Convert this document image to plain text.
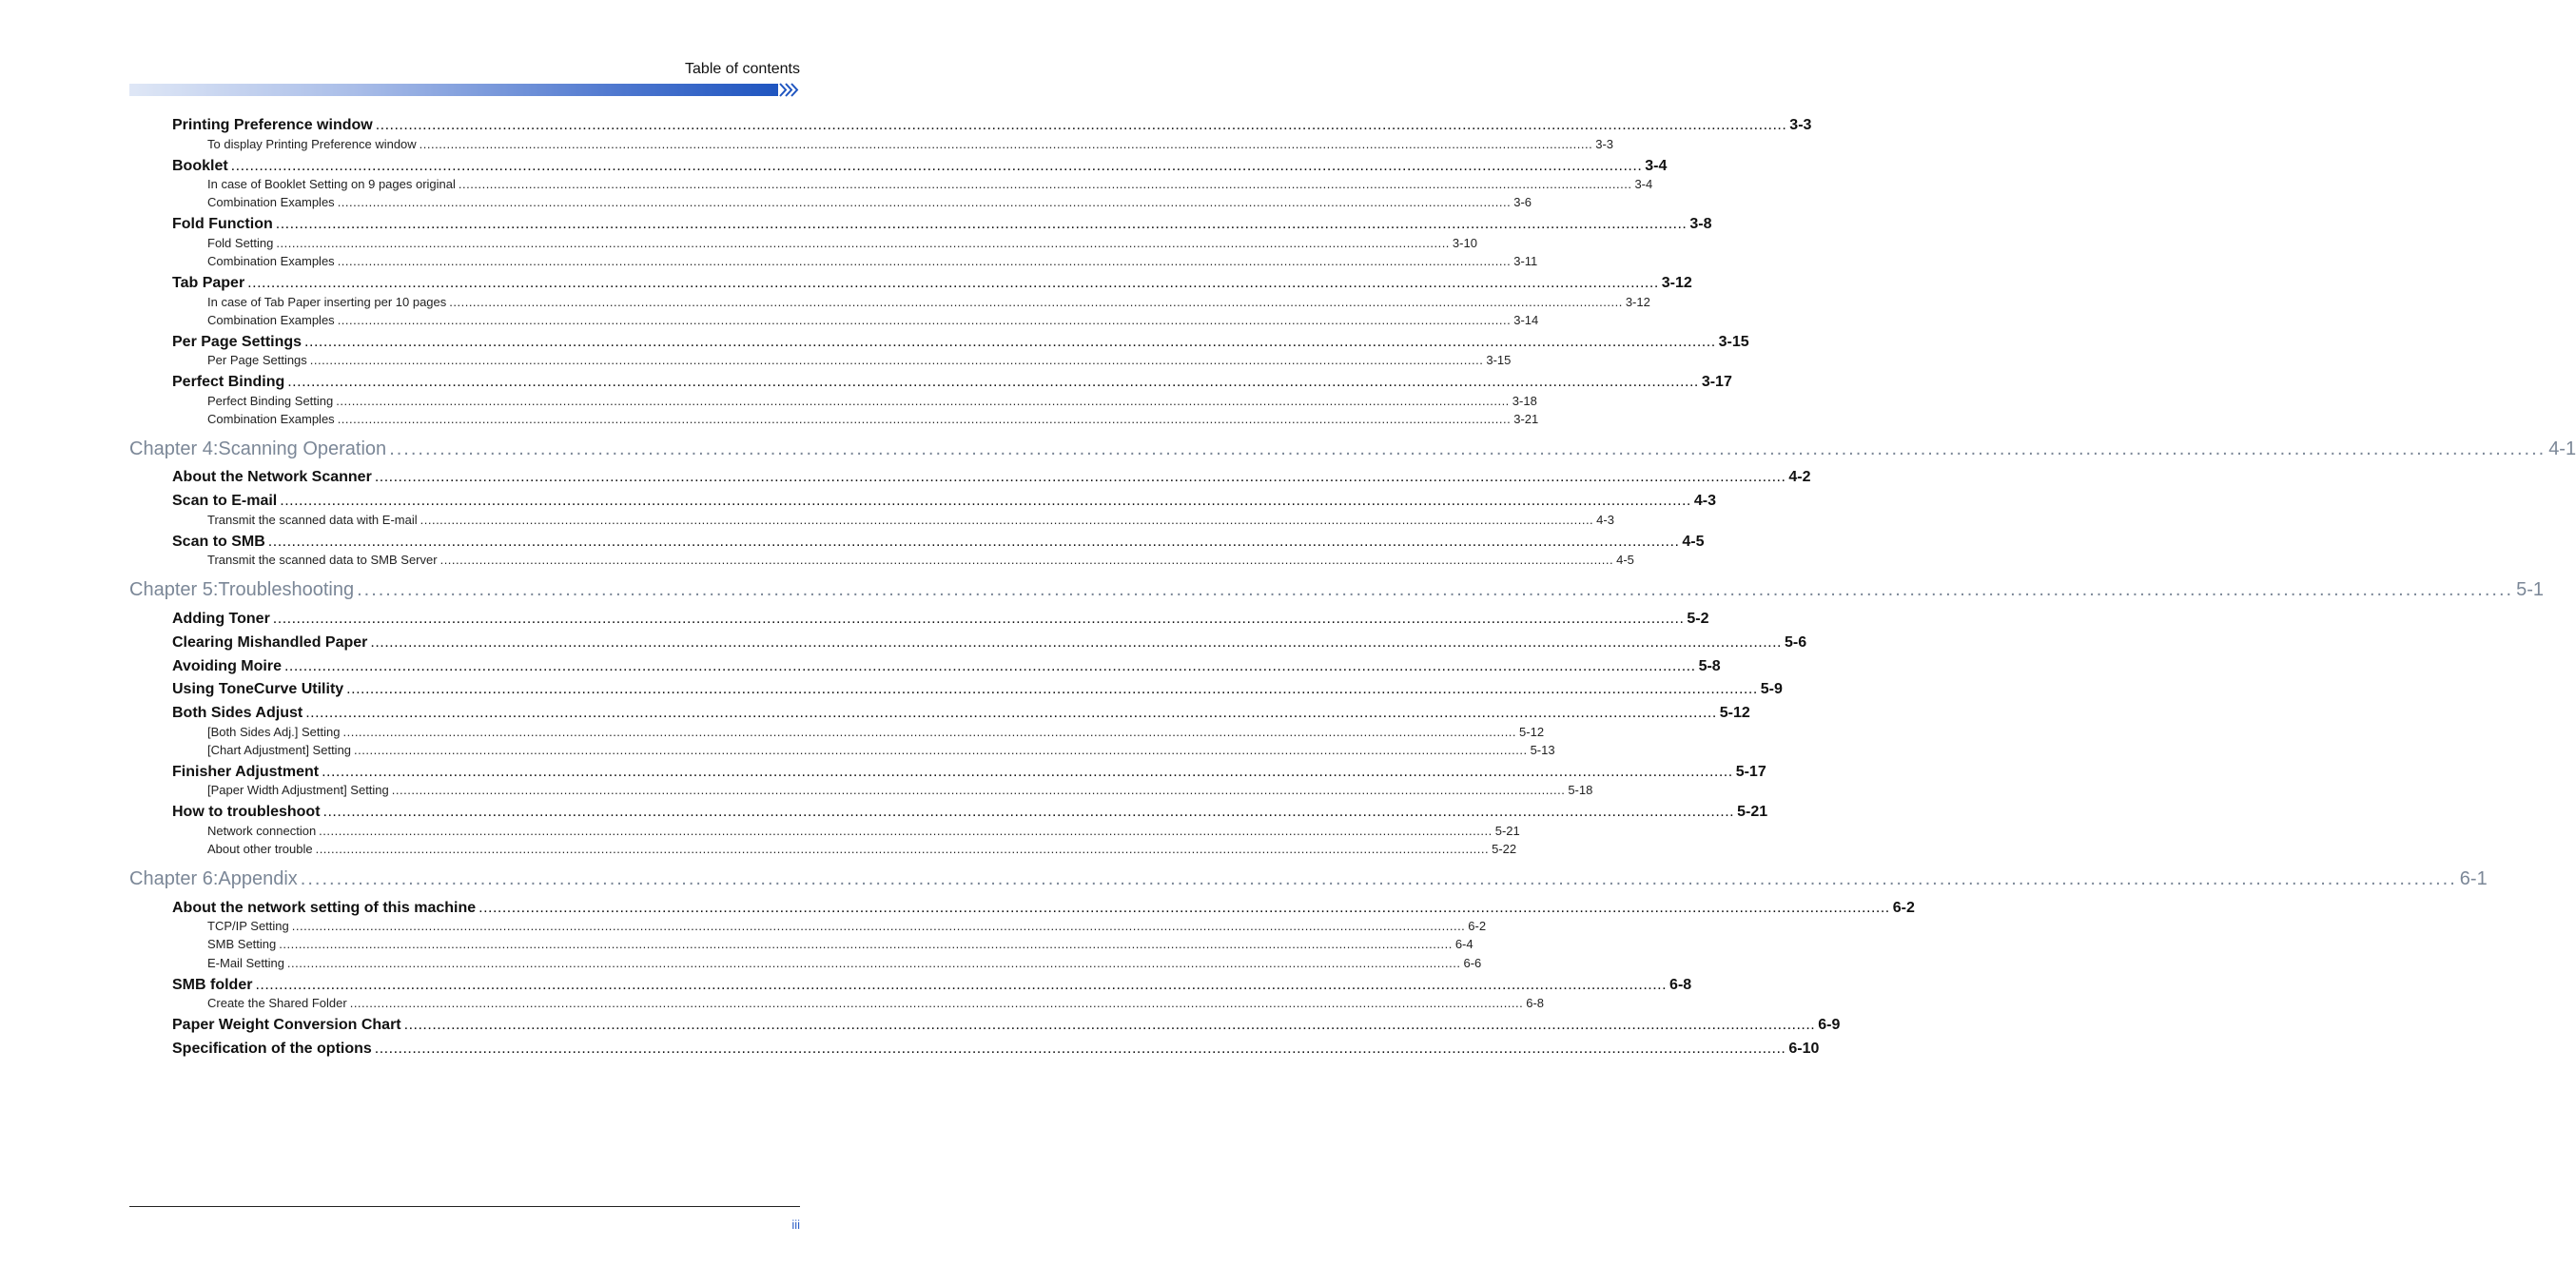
Table of contents
Printing Preference window ............................................................................................................................................................................................................................................................................................................ 3-3
To display Printing Preference window ............................................................................................................................................................................................................................................................................................................ 3-3
Booklet ............................................................................................................................................................................................................................................................................................................ 3-4
In case of Booklet Setting on 9 pages original ............................................................................................................................................................................................................................................................................................................ 3-4
Combination Examples ............................................................................................................................................................................................................................................................................................................ 3-6
Fold Function ............................................................................................................................................................................................................................................................................................................ 3-8
Fold Setting ............................................................................................................................................................................................................................................................................................................ 3-10
Combination Examples ............................................................................................................................................................................................................................................................................................................ 3-11
Tab Paper ............................................................................................................................................................................................................................................................................................................ 3-12
In case of Tab Paper inserting per 10 pages ............................................................................................................................................................................................................................................................................................................ 3-12
Combination Examples ............................................................................................................................................................................................................................................................................................................ 3-14
Per Page Settings ............................................................................................................................................................................................................................................................................................................ 3-15
Per Page Settings ............................................................................................................................................................................................................................................................................................................ 3-15
Perfect Binding ............................................................................................................................................................................................................................................................................................................ 3-17
Perfect Binding Setting ............................................................................................................................................................................................................................................................................................................ 3-18
Combination Examples ............................................................................................................................................................................................................................................................................................................ 3-21
Chapter 4:Scanning Operation ............................................................................................................................................................................................................................................................................................................ 4-1
About the Network Scanner ............................................................................................................................................................................................................................................................................................................ 4-2
Scan to E-mail ............................................................................................................................................................................................................................................................................................................ 4-3
Transmit the scanned data with E-mail ............................................................................................................................................................................................................................................................................................................ 4-3
Scan to SMB ............................................................................................................................................................................................................................................................................................................ 4-5
Transmit the scanned data to SMB Server ............................................................................................................................................................................................................................................................................................................ 4-5
Chapter 5:Troubleshooting ............................................................................................................................................................................................................................................................................................................ 5-1
Adding Toner ............................................................................................................................................................................................................................................................................................................ 5-2
Clearing Mishandled Paper ............................................................................................................................................................................................................................................................................................................ 5-6
Avoiding Moire ............................................................................................................................................................................................................................................................................................................ 5-8
Using ToneCurve Utility ............................................................................................................................................................................................................................................................................................................ 5-9
Both Sides Adjust ............................................................................................................................................................................................................................................................................................................ 5-12
[Both Sides Adj.] Setting ............................................................................................................................................................................................................................................................................................................ 5-12
[Chart Adjustment] Setting ............................................................................................................................................................................................................................................................................................................ 5-13
Finisher Adjustment ............................................................................................................................................................................................................................................................................................................ 5-17
[Paper Width Adjustment] Setting ............................................................................................................................................................................................................................................................................................................ 5-18
How to troubleshoot ............................................................................................................................................................................................................................................................................................................ 5-21
Network connection ............................................................................................................................................................................................................................................................................................................ 5-21
About other trouble ............................................................................................................................................................................................................................................................................................................ 5-22
Chapter 6:Appendix ............................................................................................................................................................................................................................................................................................................ 6-1
About the network setting of this machine ............................................................................................................................................................................................................................................................................................................ 6-2
TCP/IP Setting ............................................................................................................................................................................................................................................................................................................ 6-2
SMB Setting ............................................................................................................................................................................................................................................................................................................ 6-4
E-Mail Setting ............................................................................................................................................................................................................................................................................................................ 6-6
SMB folder ............................................................................................................................................................................................................................................................................................................ 6-8
Create the Shared Folder ............................................................................................................................................................................................................................................................................................................ 6-8
Paper Weight Conversion Chart ............................................................................................................................................................................................................................................................................................................ 6-9
Specification of the options ............................................................................................................................................................................................................................................................................................................ 6-10
iii
